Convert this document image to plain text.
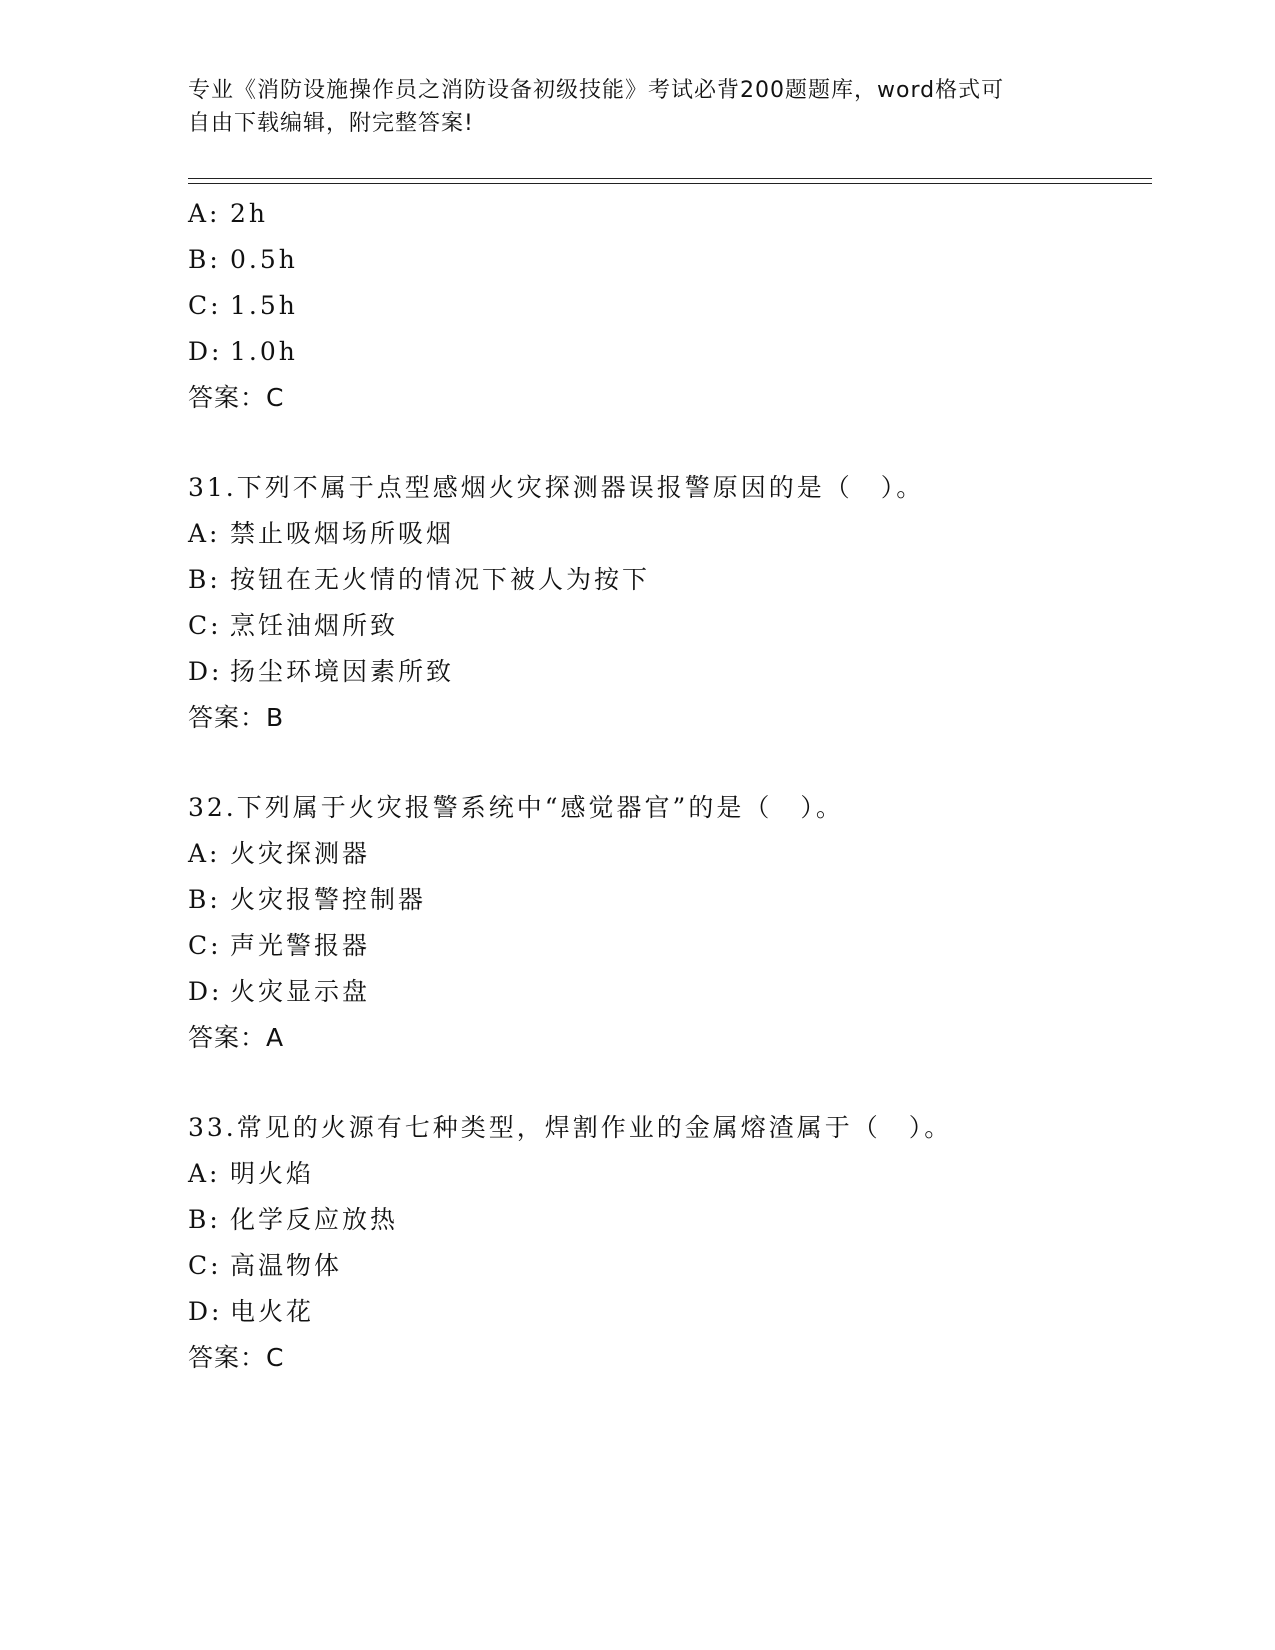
专业《消防设施操作员之消防设备初级技能》考试必背200题题库，word格式可
自由下载编辑，附完整答案!
A: 2h
B: 0.5h
C: 1.5h
D: 1.0h
答案：C
31.下列不属于点型感烟火灾探测器误报警原因的是（　）。
A: 禁止吸烟场所吸烟
B: 按钮在无火情的情况下被人为按下
C: 烹饪油烟所致
D: 扬尘环境因素所致
答案：B
32.下列属于火灾报警系统中“感觉器官”的是（　）。
A: 火灾探测器
B: 火灾报警控制器
C: 声光警报器
D: 火灾显示盘
答案：A
33.常见的火源有七种类型，焊割作业的金属熔渣属于（　）。
A: 明火焰
B: 化学反应放热
C: 高温物体
D: 电火花
答案：C
